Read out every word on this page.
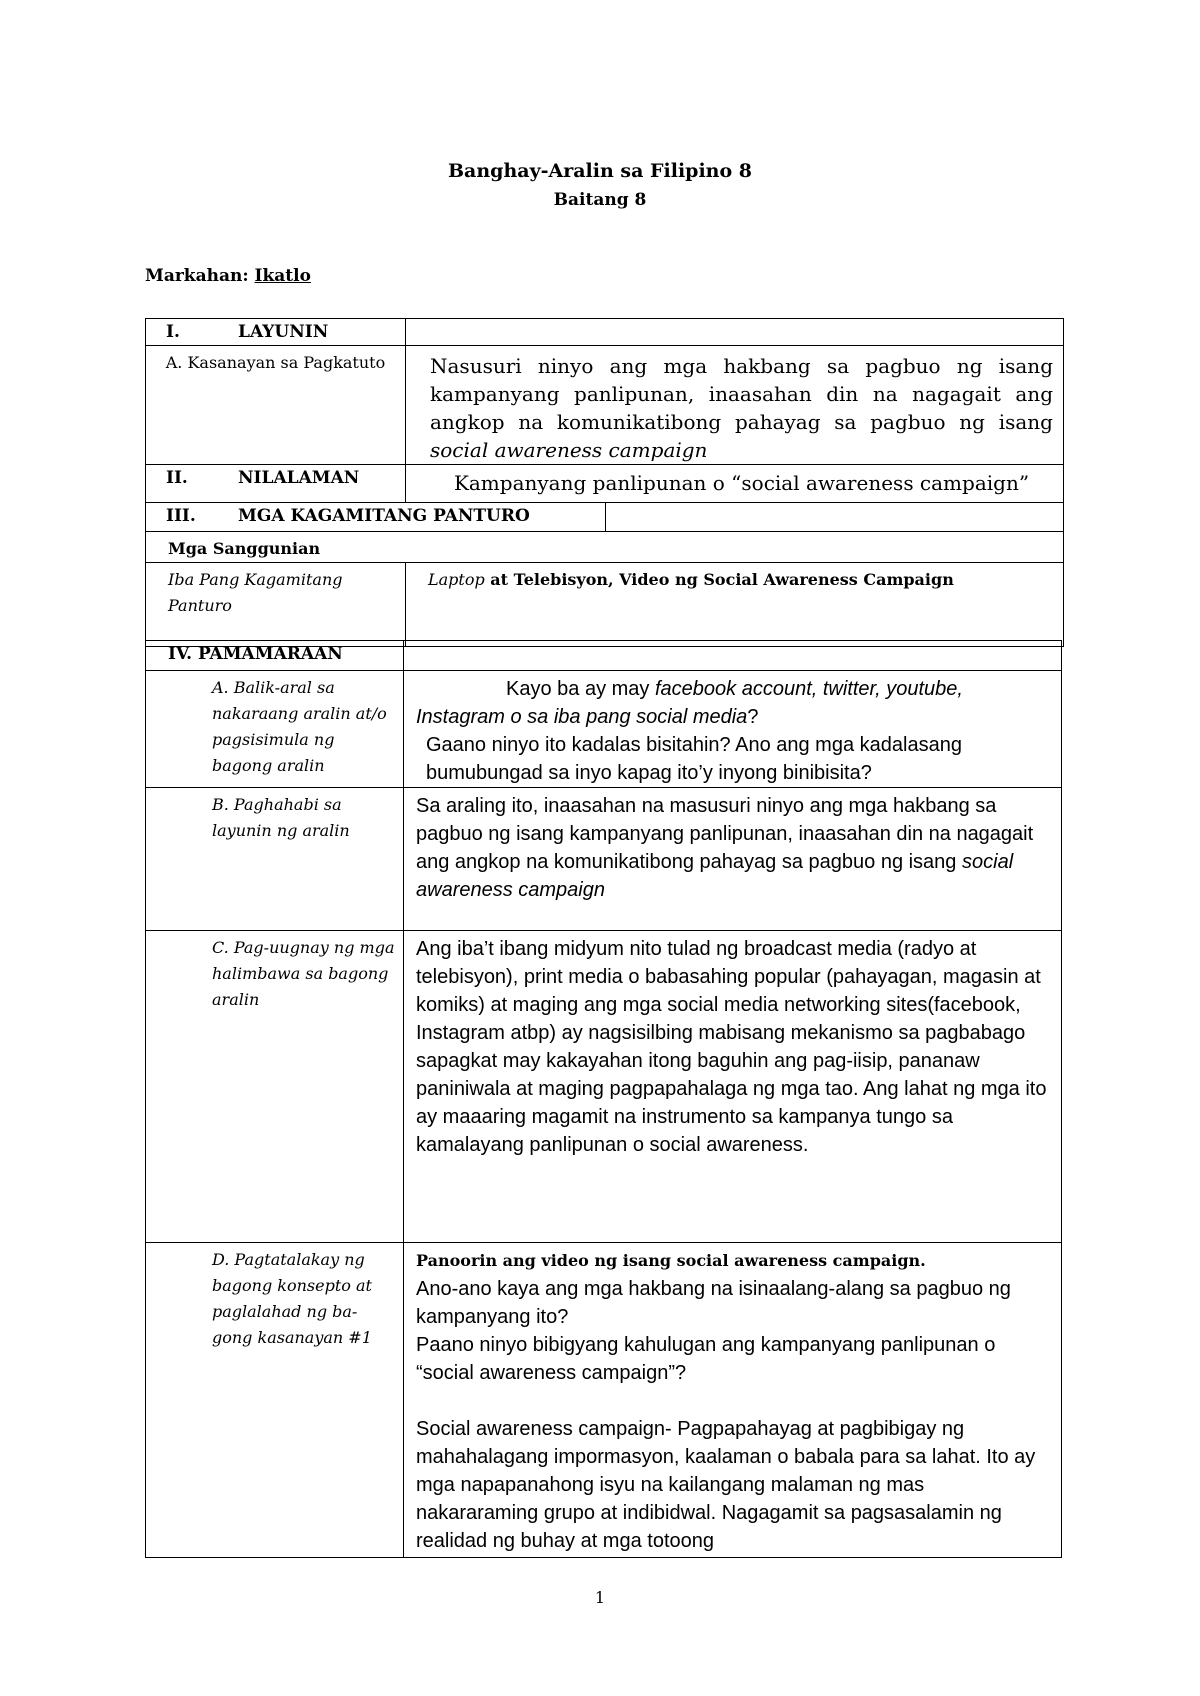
Banghay-Aralin sa Filipino 8
Baitang 8
Markahan: Ikatlo
I. LAYUNIN		
A. Kasanayan sa Pagkatuto	Nasusuri ninyo ang mga hakbang sa pagbuo ng isang kampanyang panlipunan, inaasahan din na nagagait ang angkop na komunikatibong pahayag sa pagbuo ng isang social awareness campaign	
II. NILALAMAN	Kampanyang panlipunan o “social awareness campaign”	
III. MGA KAGAMITANG PANTURO		
Mga Sanggunian		
Iba Pang Kagamitang Panturo	Laptop at Telebisyon, Video ng Social Awareness Campaign	
IV. PAMAMARAAN	
A. Balik-aral sa nakaraang aralin at/o pagsisimula ng bagong aralin	Kayo ba ay may facebook account, twitter, youtube, Instagram o sa iba pang social media?

Gaano ninyo ito kadalas bisitahin? Ano ang mga kadalasang bumubungad sa inyo kapag ito’y inyong binibisita?

B. Paghahabi sa layunin ng aralin	Sa araling ito, inaasahan na masusuri ninyo ang mga hakbang sa pagbuo ng isang kampanyang panlipunan, inaasahan din na nagagait ang angkop na komunikatibong pahayag sa pagbuo ng isang social awareness campaign
C. Pag-uugnay ng mga halimbawa sa bagong aralin	Ang iba’t ibang midyum nito tulad ng broadcast media (radyo at telebisyon), print media o babasahing popular (pahayagan, magasin at komiks) at maging ang mga social media networking sites(facebook, Instagram atbp) ay nagsisilbing mabisang mekanismo sa pagbabago sapagkat may kakayahan itong baguhin ang pag-iisip, pananaw paniniwala at maging pagpapahalaga ng mga tao. Ang lahat ng mga ito ay maaaring magamit na instrumento sa kampanya tungo sa kamalayang panlipunan o social awareness.
D. Pagtatalakay ng bagong konsepto at paglalahad ng ba-gong kasanayan #1	Panoorin ang video ng isang social awareness campaign.

Ano-ano kaya ang mga hakbang na isinaalang-alang sa pagbuo ng kampanyang ito?

Paano ninyo bibigyang kahulugan ang kampanyang panlipunan o “social awareness campaign”?

Social awareness campaign- Pagpapahayag at pagbibigay ng mahahalagang impormasyon, kaalaman o babala para sa lahat. Ito ay mga napapanahong isyu na kailangang malaman ng mas nakararaming grupo at indibidwal. Nagagamit sa pagsasalamin ng realidad ng buhay at mga totoong

1
